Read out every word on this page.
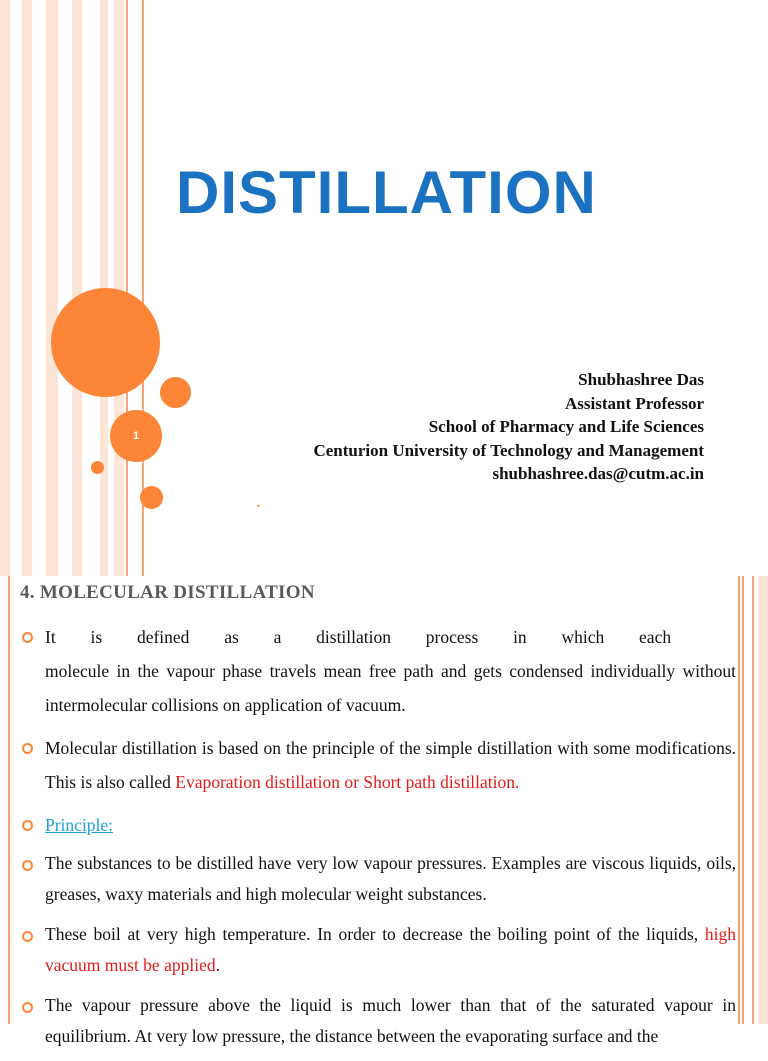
1
DISTILLATION
Shubhashree Das
Assistant Professor
School of Pharmacy and Life Sciences
Centurion University of Technology and Management
shubhashree.das@cutm.ac.in
.
4. MOLECULAR DISTILLATION
It is defined as a distillation process in which each
molecule in the vapour phase travels mean free path and gets condensed individually without intermolecular collisions on application of vacuum.
Molecular distillation is based on the principle of the simple distillation with some modifications. This is also called Evaporation distillation or Short path distillation.
Principle:
The substances to be distilled have very low vapour pressures. Examples are viscous liquids, oils, greases, waxy materials and high molecular weight substances.
These boil at very high temperature. In order to decrease the boiling point of the liquids, high vacuum must be applied.
The vapour pressure above the liquid is much lower than that of the saturated vapour in equilibrium. At very low pressure, the distance between the evaporating surface and the
